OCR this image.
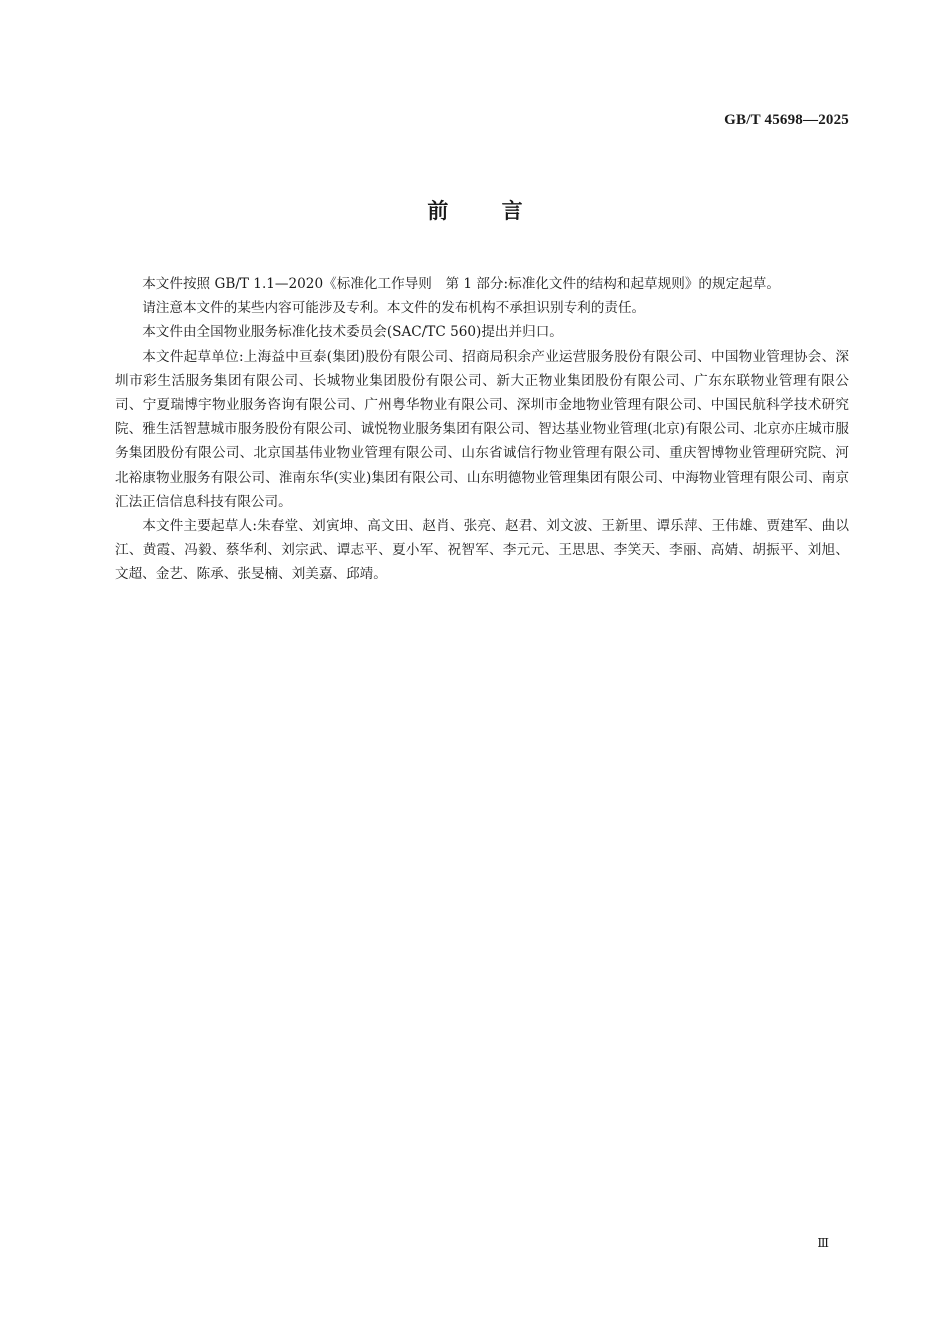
GB/T 45698—2025
前 言

本文件按照 GB/T 1.1—2020《标准化工作导则　第 1 部分:标准化文件的结构和起草规则》的规定起草。

请注意本文件的某些内容可能涉及专利。本文件的发布机构不承担识别专利的责任。

本文件由全国物业服务标准化技术委员会(SAC/TC 560)提出并归口。

本文件起草单位:上海益中亘泰(集团)股份有限公司、招商局积余产业运营服务股份有限公司、中国物业管理协会、深圳市彩生活服务集团有限公司、长城物业集团股份有限公司、新大正物业集团股份有限公司、广东东联物业管理有限公司、宁夏瑞博宇物业服务咨询有限公司、广州粤华物业有限公司、深圳市金地物业管理有限公司、中国民航科学技术研究院、雅生活智慧城市服务股份有限公司、诚悦物业服务集团有限公司、智达基业物业管理(北京)有限公司、北京亦庄城市服务集团股份有限公司、北京国基伟业物业管理有限公司、山东省诚信行物业管理有限公司、重庆智博物业管理研究院、河北裕康物业服务有限公司、淮南东华(实业)集团有限公司、山东明德物业管理集团有限公司、中海物业管理有限公司、南京汇法正信信息科技有限公司。

本文件主要起草人:朱春堂、刘寅坤、高文田、赵肖、张亮、赵君、刘文波、王新里、谭乐萍、王伟雄、贾建军、曲以江、黄霞、冯毅、蔡华利、刘宗武、谭志平、夏小军、祝智军、李元元、王思思、李笑天、李丽、高婧、胡振平、刘旭、文超、金艺、陈承、张旻楠、刘美嘉、邱靖。

Ⅲ
